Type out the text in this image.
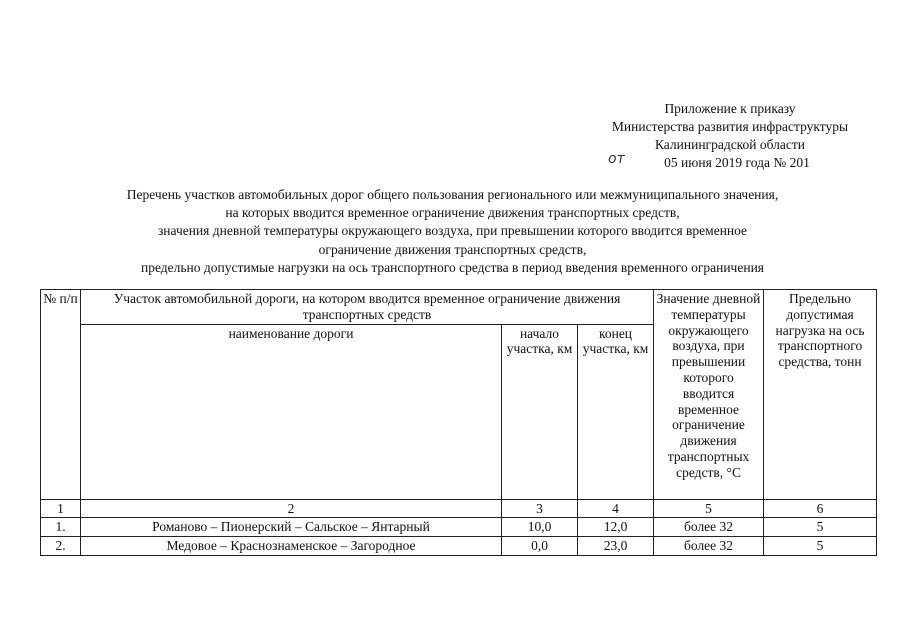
Приложение к приказу
Министерства развития инфраструктуры
Калининградской области
от	05 июня 2019 года № 201
Перечень участков автомобильных дорог общего пользования регионального или межмуниципального значения,
на которых вводится временное ограничение движения транспортных средств,
значения дневной температуры окружающего воздуха, при превышении которого вводится временное
ограничение движения транспортных средств,
предельно допустимые нагрузки на ось транспортного средства в период введения временного ограничения
№ п/п	Участок автомобильной дороги, на котором вводится временное ограничение движения транспортных средств			Значение дневной температуры окружающего воздуха, при превышении которого вводится временное ограничение движения транспортных средств, °С	Предельно допустимая нагрузка на ось транспортного средства, тонн
	наименование дороги	начало участка, км	конец участка, км		
1	2	3	4	5	6
1.	Романово – Пионерский – Сальское – Янтарный	10,0	12,0	более 32	5
2.	Медовое – Краснознаменское – Загородное	0,0	23,0	более 32	5
